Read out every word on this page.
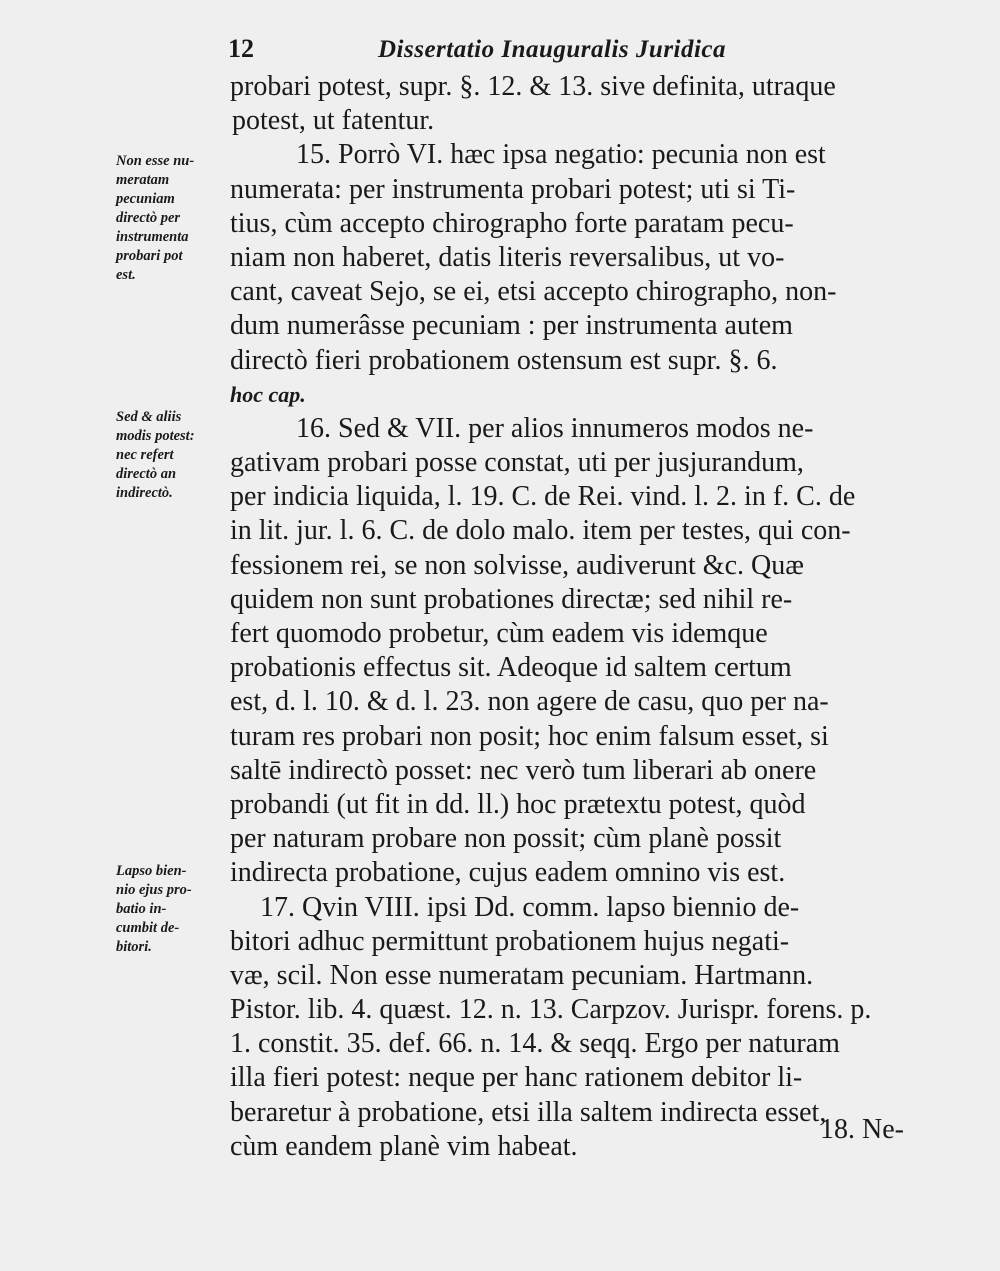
12	Dissertatio Inauguralis Juridica
probari potest, supr. §. 12. & 13. sive definita, utraque
potest, ut fatentur.
15. Porrò VI. hæc ipsa negatio: pecunia non est
numerata: per instrumenta probari potest; uti si Ti-
tius, cùm accepto chirographo forte paratam pecu-
niam non haberet, datis literis reversalibus, ut vo-
cant, caveat Sejo, se ei, etsi accepto chirographo, non-
dum numerâsse pecuniam : per instrumenta autem
directò fieri probationem ostensum est supr. §. 6.
hoc cap.
16. Sed & VII. per alios innumeros modos ne-
gativam probari posse constat, uti per jusjurandum,
per indicia liquida, l. 19. C. de Rei. vind. l. 2. in f. C. de
in lit. jur. l. 6. C. de dolo malo. item per testes, qui con-
fessionem rei, se non solvisse, audiverunt &c. Quæ
quidem non sunt probationes directæ; sed nihil re-
fert quomodo probetur, cùm eadem vis idemque
probationis effectus sit. Adeoque id saltem certum
est, d. l. 10. & d. l. 23. non agere de casu, quo per na-
turam res probari non posit; hoc enim falsum esset, si
saltē indirectò posset: nec verò tum liberari ab onere
probandi (ut fit in dd. ll.) hoc prætextu potest, quòd
per naturam probare non possit; cùm planè possit
indirecta probatione, cujus eadem omnino vis est.
17. Qvin VIII. ipsi Dd. comm. lapso biennio de-
bitori adhuc permittunt probationem hujus negati-
væ, scil. Non esse numeratam pecuniam. Hartmann.
Pistor. lib. 4. quæst. 12. n. 13. Carpzov. Jurispr. forens. p.
1. constit. 35. def. 66. n. 14. & seqq. Ergo per naturam
illa fieri potest: neque per hanc rationem debitor li-
beraretur à probatione, etsi illa saltem indirecta esset,
cùm eandem planè vim habeat.
18. Ne-
Non esse nu-
meratam
pecuniam
directò per
instrumenta
probari pot
est.
Sed & aliis
modis potest:
nec refert
directò an
indirectò.
Lapso bien-
nio ejus pro-
batio in-
cumbit de-
bitori.
